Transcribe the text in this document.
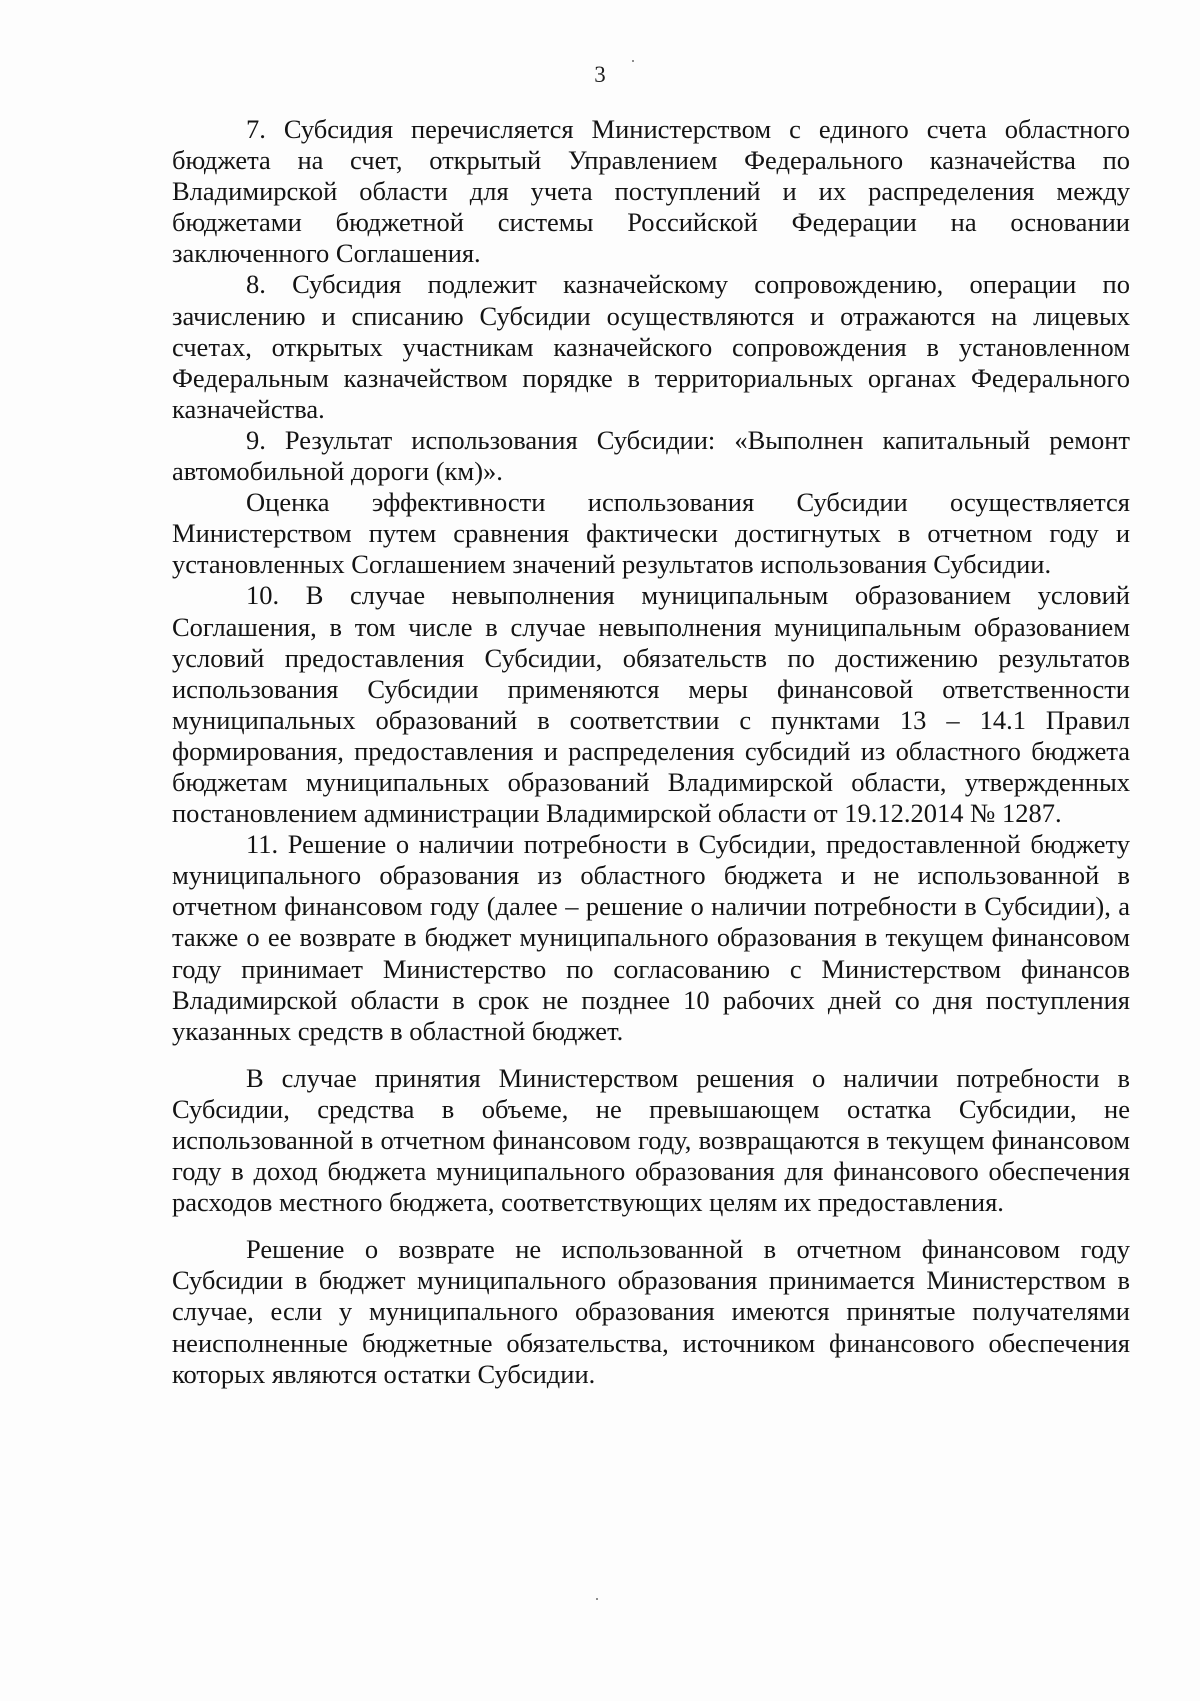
3

7. Субсидия перечисляется Министерством с единого счета областного бюджета на счет, открытый Управлением Федерального казначейства по Владимирской области для учета поступлений и их распределения между бюджетами бюджетной системы Российской Федерации на основании заключенного Соглашения.

8. Субсидия подлежит казначейскому сопровождению, операции по зачислению и списанию Субсидии осуществляются и отражаются на лицевых счетах, открытых участникам казначейского сопровождения в установленном Федеральным казначейством порядке в территориальных органах Федерального казначейства.

9. Результат использования Субсидии: «Выполнен капитальный ремонт автомобильной дороги (км)».

Оценка эффективности использования Субсидии осуществляется Министерством путем сравнения фактически достигнутых в отчетном году и установленных Соглашением значений результатов использования Субсидии.

10. В случае невыполнения муниципальным образованием условий Соглашения, в том числе в случае невыполнения муниципальным образованием условий предоставления Субсидии, обязательств по достижению результатов использования Субсидии применяются меры финансовой ответственности муниципальных образований в соответствии с пунктами 13 – 14.1 Правил формирования, предоставления и распределения субсидий из областного бюджета бюджетам муниципальных образований Владимирской области, утвержденных постановлением администрации Владимирской области от 19.12.2014 № 1287.

11. Решение о наличии потребности в Субсидии, предоставленной бюджету муниципального образования из областного бюджета и не использованной в отчетном финансовом году (далее – решение о наличии потребности в Субсидии), а также о ее возврате в бюджет муниципального образования в текущем финансовом году принимает Министерство по согласованию с Министерством финансов Владимирской области в срок не позднее 10 рабочих дней со дня поступления указанных средств в областной бюджет.

В случае принятия Министерством решения о наличии потребности в Субсидии, средства в объеме, не превышающем остатка Субсидии, не использованной в отчетном финансовом году, возвращаются в текущем финансовом году в доход бюджета муниципального образования для финансового обеспечения расходов местного бюджета, соответствующих целям их предоставления.

Решение о возврате не использованной в отчетном финансовом году Субсидии в бюджет муниципального образования принимается Министерством в случае, если у муниципального образования имеются принятые получателями неисполненные бюджетные обязательства, источником финансового обеспечения которых являются остатки Субсидии.
